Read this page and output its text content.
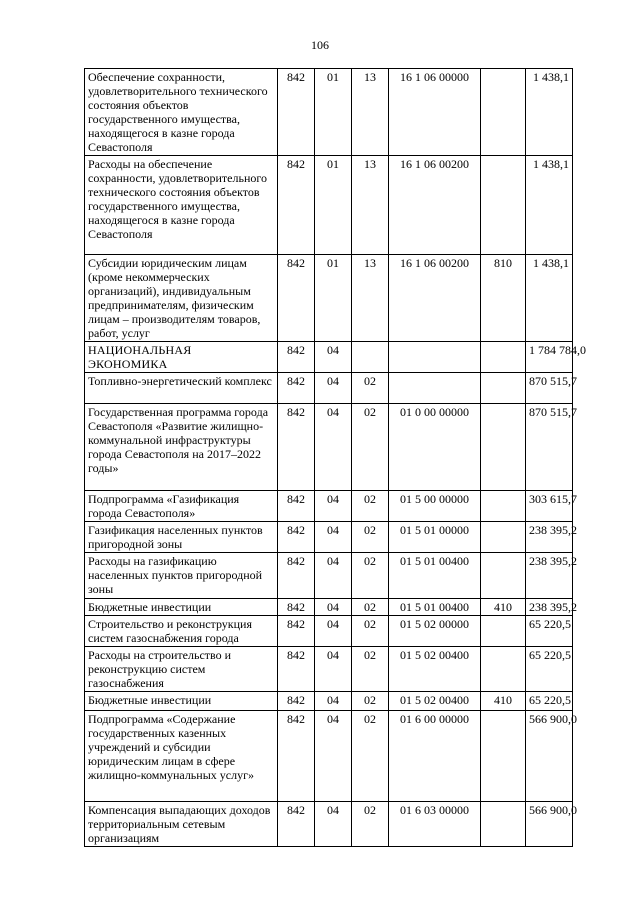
106
Обеспечение сохранности, удовлетворительного технического состояния объектов государственного имущества, находящегося в казне города Севастополя	842	01	13	16 1 06 00000		1 438,1
Расходы на обеспечение сохранности, удовлетворительного технического состояния объектов государственного имущества, находящегося в казне города Севастополя	842	01	13	16 1 06 00200		1 438,1
Субсидии юридическим лицам (кроме некоммерческих организаций), индивидуальным предпринимателям, физическим лицам – производителям товаров, работ, услуг	842	01	13	16 1 06 00200	810	1 438,1
НАЦИОНАЛЬНАЯ ЭКОНОМИКА	842	04				1 784 784,0
Топливно-энергетический комплекс	842	04	02			870 515,7
Государственная программа города Севастополя «Развитие жилищно-коммунальной инфраструктуры города Севастополя на 2017–2022 годы»	842	04	02	01 0 00 00000		870 515,7
Подпрограмма «Газификация города Севастополя»	842	04	02	01 5 00 00000		303 615,7
Газификация населенных пунктов пригородной зоны	842	04	02	01 5 01 00000		238 395,2
Расходы на газификацию населенных пунктов пригородной зоны	842	04	02	01 5 01 00400		238 395,2
Бюджетные инвестиции	842	04	02	01 5 01 00400	410	238 395,2
Строительство и реконструкция систем газоснабжения города	842	04	02	01 5 02 00000		65 220,5
Расходы на строительство и реконструкцию систем газоснабжения	842	04	02	01 5 02 00400		65 220,5
Бюджетные инвестиции	842	04	02	01 5 02 00400	410	65 220,5
Подпрограмма «Содержание государственных казенных учреждений и субсидии юридическим лицам в сфере жилищно-коммунальных услуг»	842	04	02	01 6 00 00000		566 900,0
Компенсация выпадающих доходов территориальным сетевым организациям	842	04	02	01 6 03 00000		566 900,0
